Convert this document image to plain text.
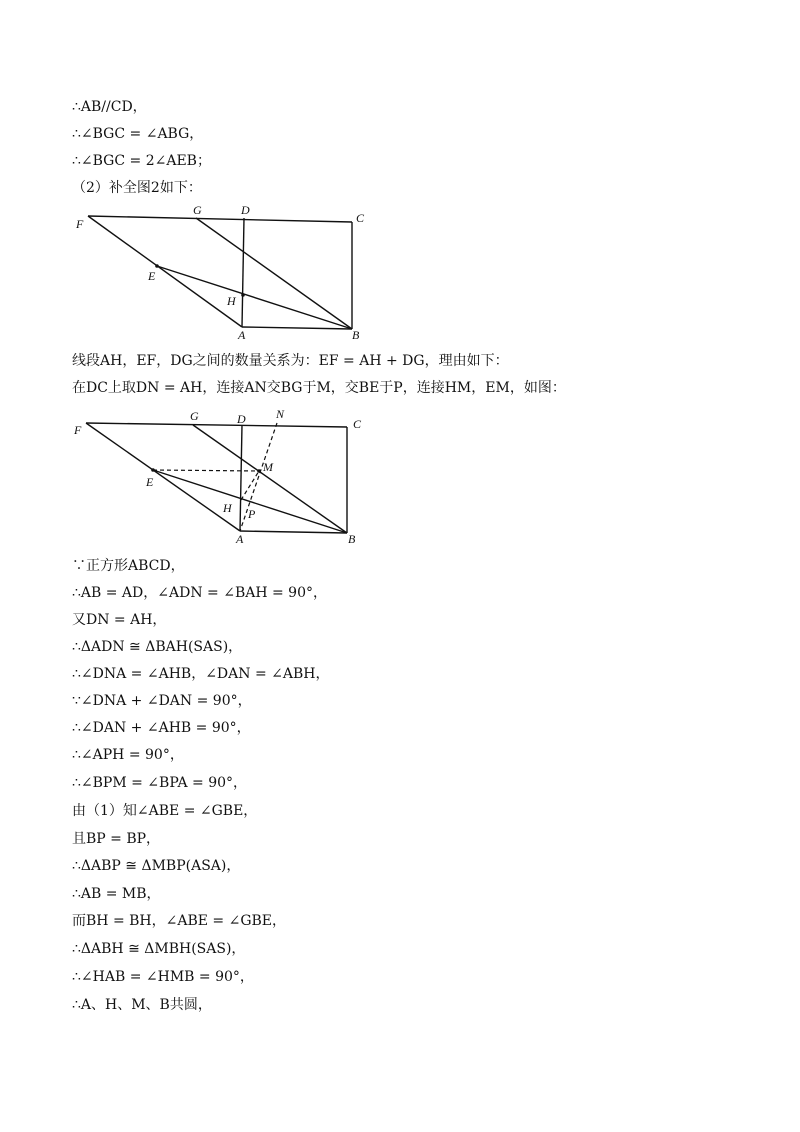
∴AB//CD，
∴∠BGC = ∠ABG，
∴∠BGC = 2∠AEB；
（2）补全图2如下：
F
G	D
C
E
H
A	B
线段AH，EF，DG之间的数量关系为：EF = AH + DG，理由如下：
在DC上取DN = AH，连接AN交BG于M，交BE于P，连接HM，EM，如图：
F
G	D	N
C
E
M
H P
A	B
∵正方形ABCD，
∴AB = AD，∠ADN = ∠BAH = 90°，
又DN = AH，
∴ΔADN ≅ ΔBAH(SAS)，
∴∠DNA = ∠AHB，∠DAN = ∠ABH，
∵∠DNA + ∠DAN = 90°，
∴∠DAN + ∠AHB = 90°，
∴∠APH = 90°，
∴∠BPM = ∠BPA = 90°，
由（1）知∠ABE = ∠GBE，
且BP = BP，
∴ΔABP ≅ ΔMBP(ASA)，
∴AB = MB，
而BH = BH，∠ABE = ∠GBE，
∴ΔABH ≅ ΔMBH(SAS)，
∴∠HAB = ∠HMB = 90°，
∴A、H、M、B共圆，
